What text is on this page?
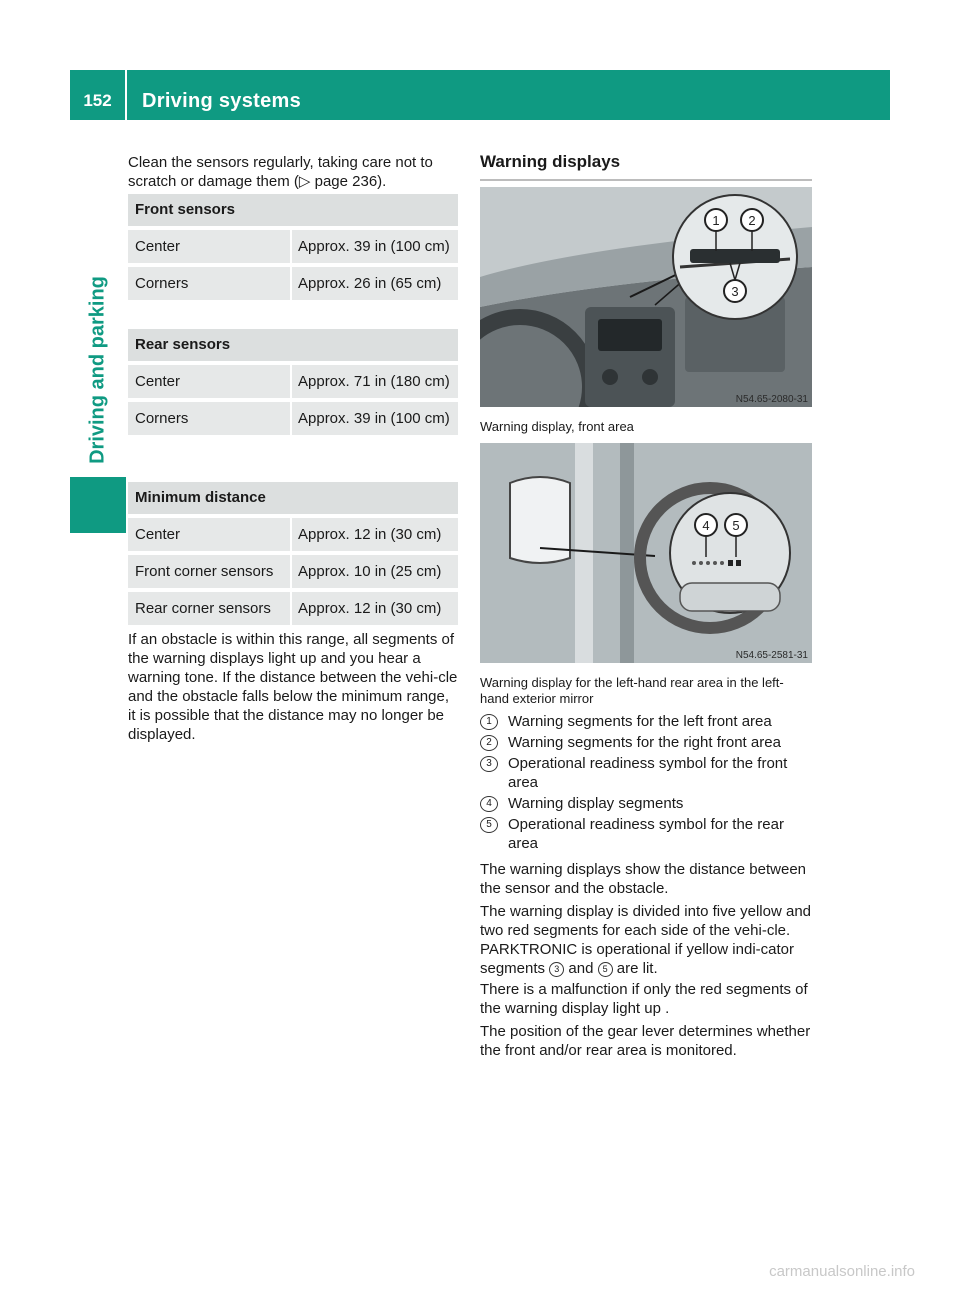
152	Driving systems
Driving and parking
Clean the sensors regularly, taking care not to scratch or damage them (▷ page 236).
Front sensors
Center	Approx. 39 in (100 cm)
Corners	Approx. 26 in (65 cm)
Rear sensors
Center	Approx. 71 in (180 cm)
Corners	Approx. 39 in (100 cm)
Minimum distance
Center	Approx. 12 in (30 cm)
Front corner sensors	Approx. 10 in (25 cm)
Rear corner sensors	Approx. 12 in (30 cm)
If an obstacle is within this range, all segments of the warning displays light up and you hear a warning tone. If the distance between the vehi-cle and the obstacle falls below the minimum range, it is possible that the distance may no longer be displayed.
Warning displays
1 2
3
N54.65-2080-31
Warning display, front area
4 5
N54.65-2581-31
Warning display for the left-hand rear area in the left-hand exterior mirror
1	Warning segments for the left front area
2	Warning segments for the right front area
3	Operational readiness symbol for the front area
4	Warning display segments
5	Operational readiness symbol for the rear area
The warning displays show the distance between the sensor and the obstacle.
The warning display is divided into five yellow and two red segments for each side of the vehi-cle. PARKTRONIC is operational if yellow indi-cator segments 3 and 5 are lit.
There is a malfunction if only the red segments of the warning display light up .
The position of the gear lever determines whether the front and/or rear area is monitored.
carmanualsonline.info
